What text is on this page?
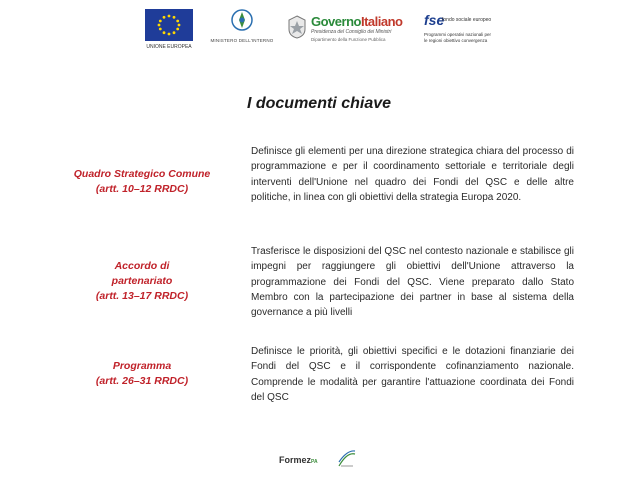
UNIONE EUROPEA
MINISTERO DELL'INTERNO
GovernoItaliano
Presidenza del Consiglio dei Ministri
Dipartimento della Funzione Pubblica
fse
fondo sociale europeo
Programmi operativi nazionali per le regioni obiettivo convergenza
I documenti chiave
Quadro Strategico Comune
(artt. 10–12 RRDC)
Definisce gli elementi per una direzione strategica chiara del processo di programmazione e per il coordinamento settoriale e territoriale degli interventi dell'Unione nel quadro dei Fondi del QSC e delle altre politiche, in linea con gli obiettivi della strategia Europa 2020.
Accordo di
partenariato
(artt. 13–17 RRDC)
Trasferisce le disposizioni del QSC nel contesto nazionale e stabilisce gli impegni per raggiungere gli obiettivi dell'Unione attraverso la programmazione dei Fondi del QSC. Viene preparato dallo Stato Membro con la partecipazione dei partner in base al sistema della governance a più livelli
Programma
(artt. 26–31 RRDC)
Definisce le priorità, gli obiettivi specifici e le dotazioni finanziarie dei Fondi del QSC e il corrispondente cofinanziamento nazionale. Comprende le modalità per garantire l'attuazione coordinata dei Fondi del QSC
FormezPA
